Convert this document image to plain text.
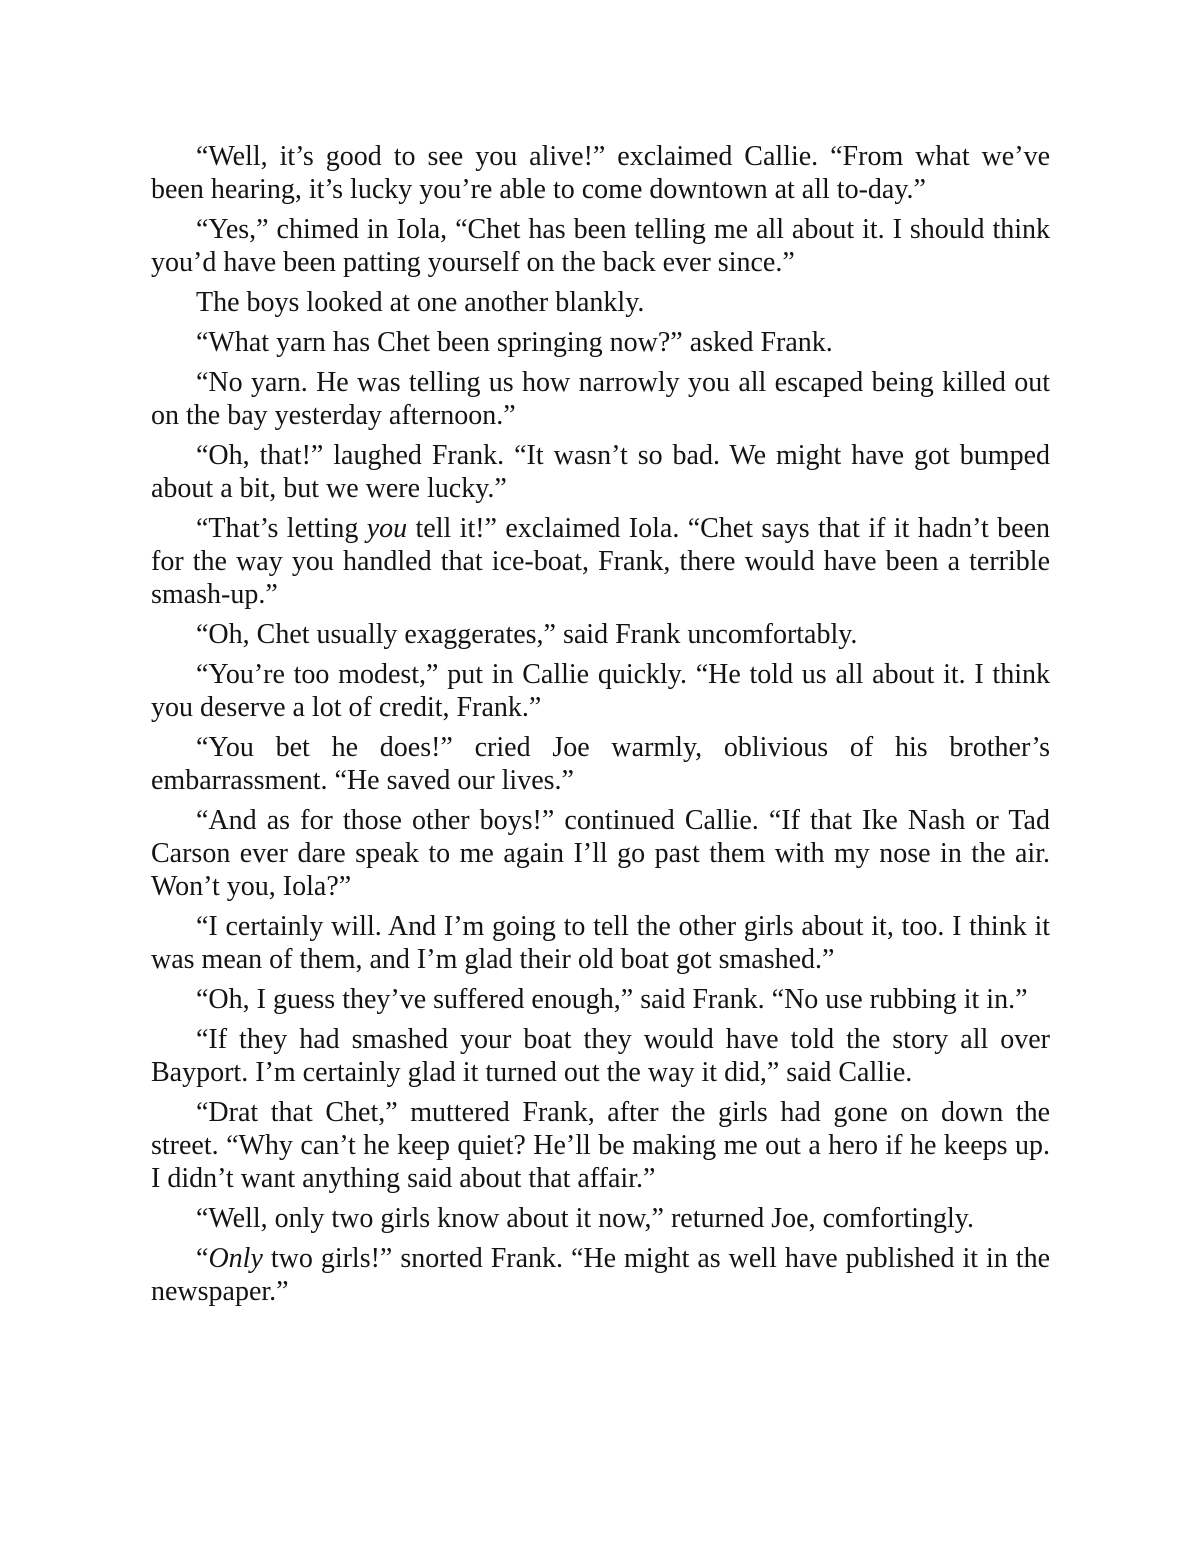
“Well, it’s good to see you alive!” exclaimed Callie. “From what we’ve been hearing, it’s lucky you’re able to come downtown at all to-day.”

“Yes,” chimed in Iola, “Chet has been telling me all about it. I should think you’d have been patting yourself on the back ever since.”

The boys looked at one another blankly.

“What yarn has Chet been springing now?” asked Frank.

“No yarn. He was telling us how narrowly you all escaped being killed out on the bay yesterday afternoon.”

“Oh, that!” laughed Frank. “It wasn’t so bad. We might have got bumped about a bit, but we were lucky.”

“That’s letting you tell it!” exclaimed Iola. “Chet says that if it hadn’t been for the way you handled that ice-boat, Frank, there would have been a terrible smash-up.”

“Oh, Chet usually exaggerates,” said Frank uncomfortably.

“You’re too modest,” put in Callie quickly. “He told us all about it. I think you deserve a lot of credit, Frank.”

“You bet he does!” cried Joe warmly, oblivious of his brother’s embarrassment. “He saved our lives.”

“And as for those other boys!” continued Callie. “If that Ike Nash or Tad Carson ever dare speak to me again I’ll go past them with my nose in the air. Won’t you, Iola?”

“I certainly will. And I’m going to tell the other girls about it, too. I think it was mean of them, and I’m glad their old boat got smashed.”

“Oh, I guess they’ve suffered enough,” said Frank. “No use rubbing it in.”

“If they had smashed your boat they would have told the story all over Bayport. I’m certainly glad it turned out the way it did,” said Callie.

“Drat that Chet,” muttered Frank, after the girls had gone on down the street. “Why can’t he keep quiet? He’ll be making me out a hero if he keeps up. I didn’t want anything said about that affair.”

“Well, only two girls know about it now,” returned Joe, comfortingly.

“Only two girls!” snorted Frank. “He might as well have published it in the newspaper.”
